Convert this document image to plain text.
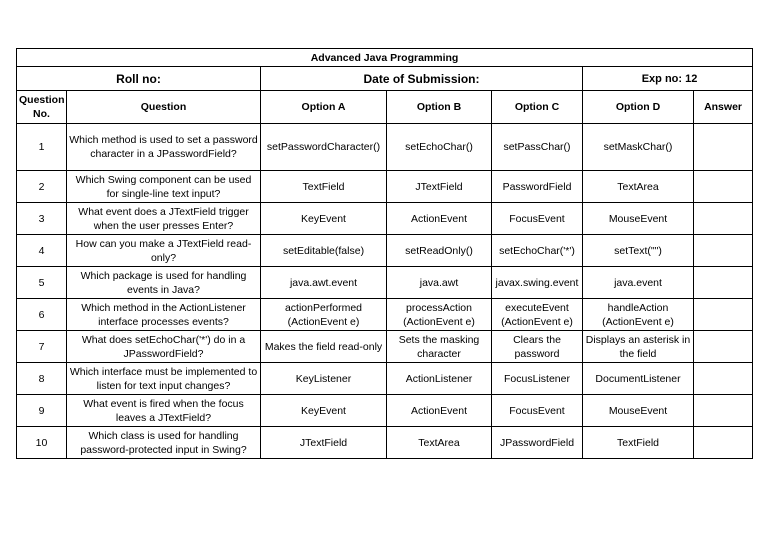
Advanced Java Programming						
Roll no:		Date of Submission:			Exp no: 12	
Question No.	Question	Option A	Option B	Option C	Option D	Answer
1	Which method is used to set a password character in a JPasswordField?	setPasswordCharacter()	setEchoChar()	setPassChar()	setMaskChar()	
2	Which Swing component can be used for single-line text input?	TextField	JTextField	PasswordField	TextArea	
3	What event does a JTextField trigger when the user presses Enter?	KeyEvent	ActionEvent	FocusEvent	MouseEvent	
4	How can you make a JTextField read-only?	setEditable(false)	setReadOnly()	setEchoChar('*')	setText("")	
5	Which package is used for handling events in Java?	java.awt.event	java.awt	javax.swing.event	java.event	
6	Which method in the ActionListener interface processes events?	actionPerformed (ActionEvent e)	processAction (ActionEvent e)	executeEvent (ActionEvent e)	handleAction (ActionEvent e)	
7	What does setEchoChar('*') do in a JPasswordField?	Makes the field read-only	Sets the masking character	Clears the password	Displays an asterisk in the field	
8	Which interface must be implemented to listen for text input changes?	KeyListener	ActionListener	FocusListener	DocumentListener	
9	What event is fired when the focus leaves a JTextField?	KeyEvent	ActionEvent	FocusEvent	MouseEvent	
10	Which class is used for handling password-protected input in Swing?	JTextField	TextArea	JPasswordField	TextField	
